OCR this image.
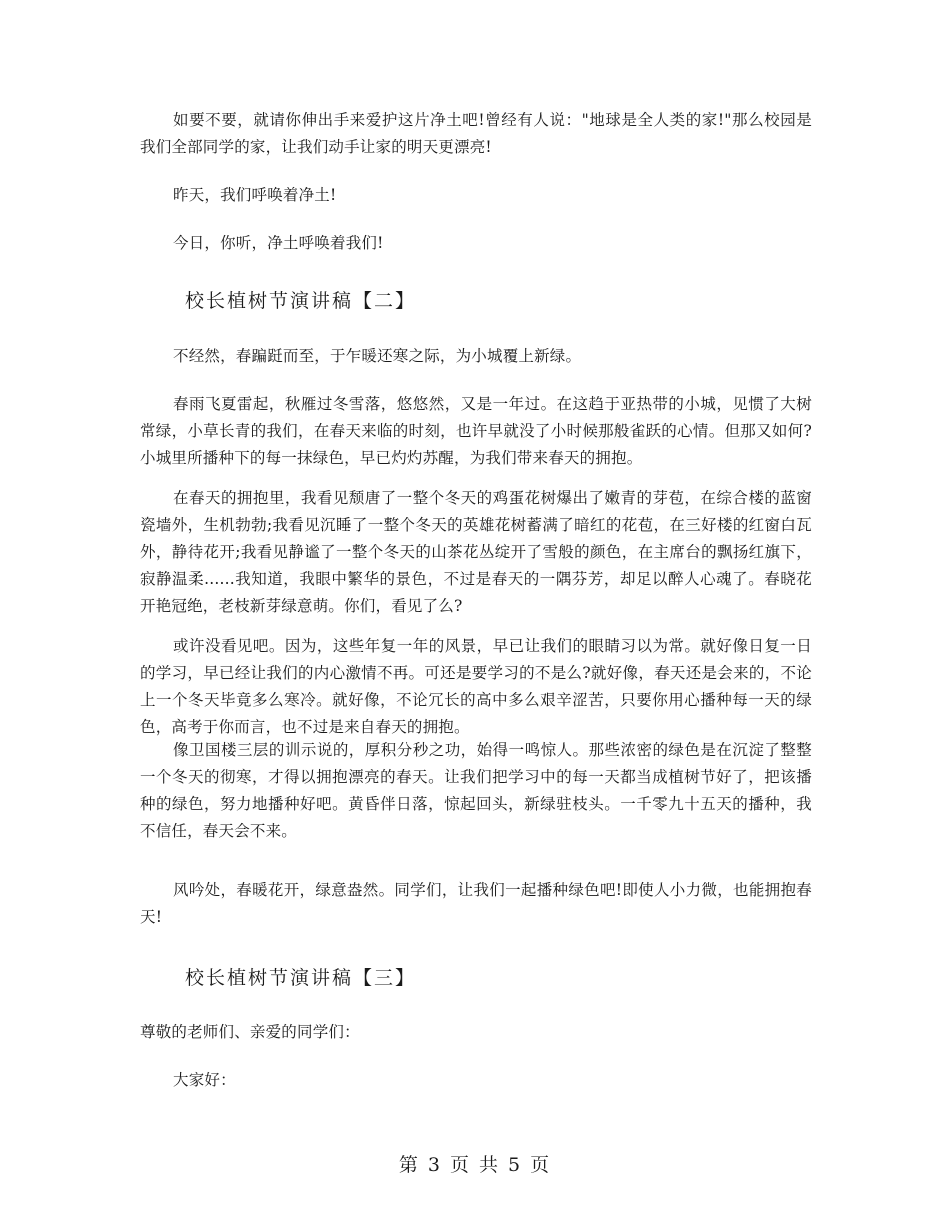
如要不要，就请你伸出手来爱护这片净土吧!曾经有人说："地球是全人类的家!"那么校园是我们全部同学的家，让我们动手让家的明天更漂亮!

昨天，我们呼唤着净土!

今日，你听，净土呼唤着我们!

校长植树节演讲稿【二】

不经然，春蹁跹而至，于乍暖还寒之际，为小城覆上新绿。

春雨飞夏雷起，秋雁过冬雪落，悠悠然，又是一年过。在这趋于亚热带的小城，见惯了大树常绿，小草长青的我们，在春天来临的时刻，也许早就没了小时候那般雀跃的心情。但那又如何?小城里所播种下的每一抹绿色，早已灼灼苏醒，为我们带来春天的拥抱。

在春天的拥抱里，我看见颓唐了一整个冬天的鸡蛋花树爆出了嫩青的芽苞，在综合楼的蓝窗瓷墙外，生机勃勃;我看见沉睡了一整个冬天的英雄花树蓄满了暗红的花苞，在三好楼的红窗白瓦外，静待花开;我看见静谧了一整个冬天的山茶花丛绽开了雪般的颜色，在主席台的飘扬红旗下，寂静温柔......我知道，我眼中繁华的景色，不过是春天的一隅芬芳，却足以醉人心魂了。春晓花开艳冠绝，老枝新芽绿意萌。你们，看见了么?

或许没看见吧。因为，这些年复一年的风景，早已让我们的眼睛习以为常。就好像日复一日的学习，早已经让我们的内心激情不再。可还是要学习的不是么?就好像，春天还是会来的，不论上一个冬天毕竟多么寒冷。就好像，不论冗长的高中多么艰辛涩苦，只要你用心播种每一天的绿色，高考于你而言，也不过是来自春天的拥抱。

像卫国楼三层的训示说的，厚积分秒之功，始得一鸣惊人。那些浓密的绿色是在沉淀了整整一个冬天的彻寒，才得以拥抱漂亮的春天。让我们把学习中的每一天都当成植树节好了，把该播种的绿色，努力地播种好吧。黄昏伴日落，惊起回头，新绿驻枝头。一千零九十五天的播种，我不信任，春天会不来。

风吟处，春暖花开，绿意盎然。同学们，让我们一起播种绿色吧!即使人小力微，也能拥抱春天!

校长植树节演讲稿【三】

尊敬的老师们、亲爱的同学们：

大家好：

第 3 页 共 5 页
